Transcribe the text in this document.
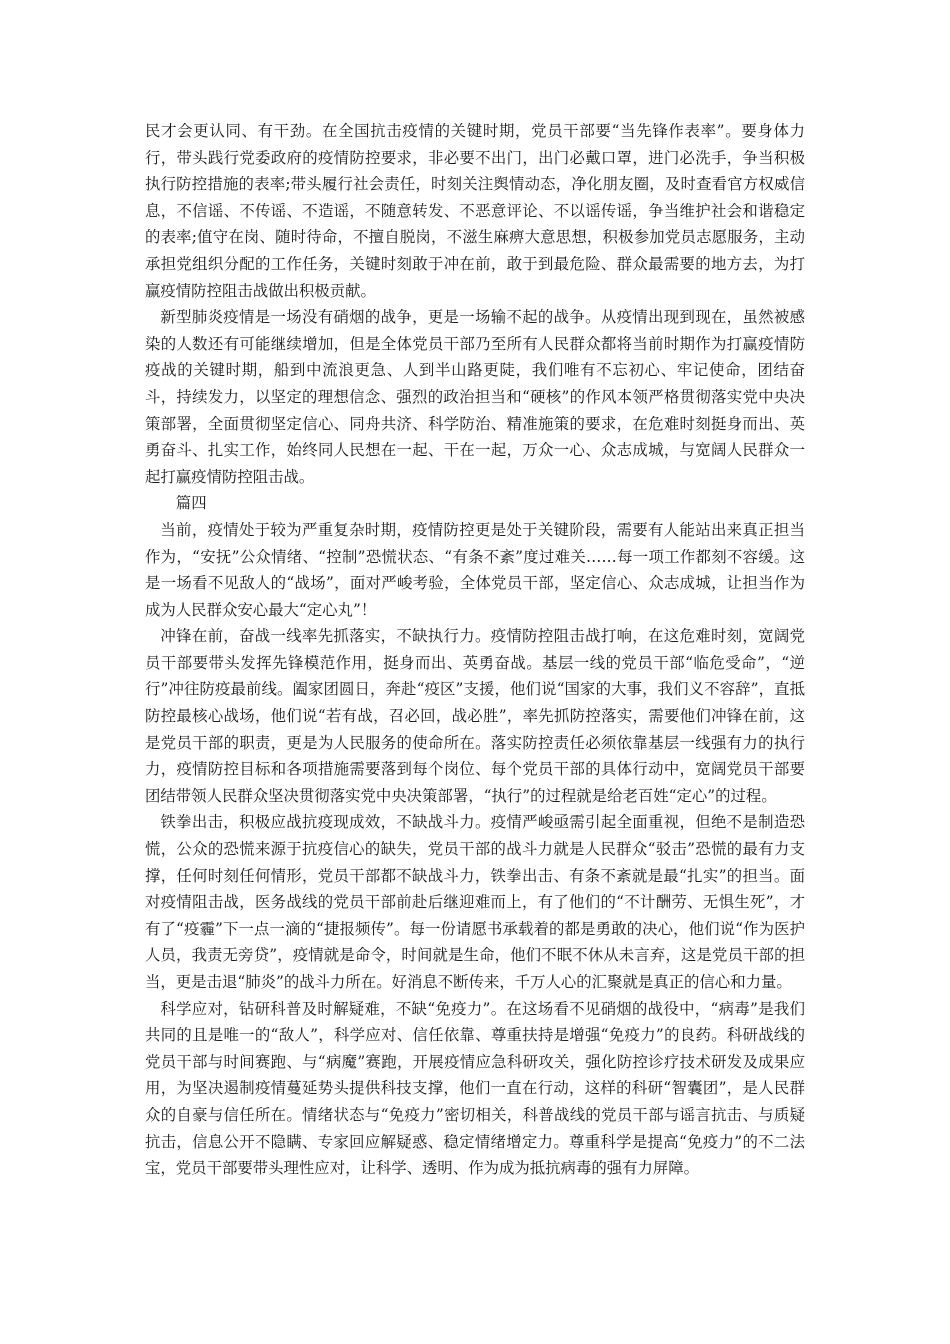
民才会更认同、有干劲。在全国抗击疫情的关键时期，党员干部要“当先锋作表率”。要身体力行，带头践行党委政府的疫情防控要求，非必要不出门，出门必戴口罩，进门必洗手，争当积极执行防控措施的表率;带头履行社会责任，时刻关注舆情动态，净化朋友圈，及时查看官方权威信息，不信谣、不传谣、不造谣，不随意转发、不恶意评论、不以谣传谣，争当维护社会和谐稳定的表率;值守在岗、随时待命，不擅自脱岗，不滋生麻痹大意思想，积极参加党员志愿服务，主动承担党组织分配的工作任务，关键时刻敢于冲在前，敢于到最危险、群众最需要的地方去，为打赢疫情防控阻击战做出积极贡献。

新型肺炎疫情是一场没有硝烟的战争，更是一场输不起的战争。从疫情出现到现在，虽然被感染的人数还有可能继续增加，但是全体党员干部乃至所有人民群众都将当前时期作为打赢疫情防疫战的关键时期，船到中流浪更急、人到半山路更陡，我们唯有不忘初心、牢记使命，团结奋斗，持续发力，以坚定的理想信念、强烈的政治担当和“硬核”的作风本领严格贯彻落实党中央决策部署，全面贯彻坚定信心、同舟共济、科学防治、精准施策的要求，在危难时刻挺身而出、英勇奋斗、扎实工作，始终同人民想在一起、干在一起，万众一心、众志成城，与宽阔人民群众一起打赢疫情防控阻击战。

篇四

当前，疫情处于较为严重复杂时期，疫情防控更是处于关键阶段，需要有人能站出来真正担当作为，“安抚”公众情绪、“控制”恐慌状态、“有条不紊”度过难关……每一项工作都刻不容缓。这是一场看不见敌人的“战场”，面对严峻考验，全体党员干部，坚定信心、众志成城，让担当作为成为人民群众安心最大“定心丸”！

冲锋在前，奋战一线率先抓落实，不缺执行力。疫情防控阻击战打响，在这危难时刻，宽阔党员干部要带头发挥先锋模范作用，挺身而出、英勇奋战。基层一线的党员干部“临危受命”，“逆行”冲往防疫最前线。阖家团圆日，奔赴“疫区”支援，他们说“国家的大事，我们义不容辞”，直抵防控最核心战场，他们说“若有战，召必回，战必胜”，率先抓防控落实，需要他们冲锋在前，这是党员干部的职责，更是为人民服务的使命所在。落实防控责任必须依靠基层一线强有力的执行力，疫情防控目标和各项措施需要落到每个岗位、每个党员干部的具体行动中，宽阔党员干部要团结带领人民群众坚决贯彻落实党中央决策部署，“执行”的过程就是给老百姓“定心”的过程。

铁拳出击，积极应战抗疫现成效，不缺战斗力。疫情严峻亟需引起全面重视，但绝不是制造恐慌，公众的恐慌来源于抗疫信心的缺失，党员干部的战斗力就是人民群众“驳击”恐慌的最有力支撑，任何时刻任何情形，党员干部都不缺战斗力，铁拳出击、有条不紊就是最“扎实”的担当。面对疫情阻击战，医务战线的党员干部前赴后继迎难而上，有了他们的“不计酬劳、无惧生死”，才有了“疫霾”下一点一滴的“捷报频传”。每一份请愿书承载着的都是勇敢的决心，他们说“作为医护人员，我责无旁贷”，疫情就是命令，时间就是生命，他们不眠不休从未言弃，这是党员干部的担当，更是击退“肺炎”的战斗力所在。好消息不断传来，千万人心的汇聚就是真正的信心和力量。

科学应对，钻研科普及时解疑难，不缺“免疫力”。在这场看不见硝烟的战役中，“病毒”是我们共同的且是唯一的“敌人”，科学应对、信任依靠、尊重扶持是增强“免疫力”的良药。科研战线的党员干部与时间赛跑、与“病魔”赛跑，开展疫情应急科研攻关，强化防控诊疗技术研发及成果应用，为坚决遏制疫情蔓延势头提供科技支撑，他们一直在行动，这样的科研“智囊团”，是人民群众的自豪与信任所在。情绪状态与“免疫力”密切相关，科普战线的党员干部与谣言抗击、与质疑抗击，信息公开不隐瞒、专家回应解疑惑、稳定情绪增定力。尊重科学是提高“免疫力”的不二法宝，党员干部要带头理性应对，让科学、透明、作为成为抵抗病毒的强有力屏障。
